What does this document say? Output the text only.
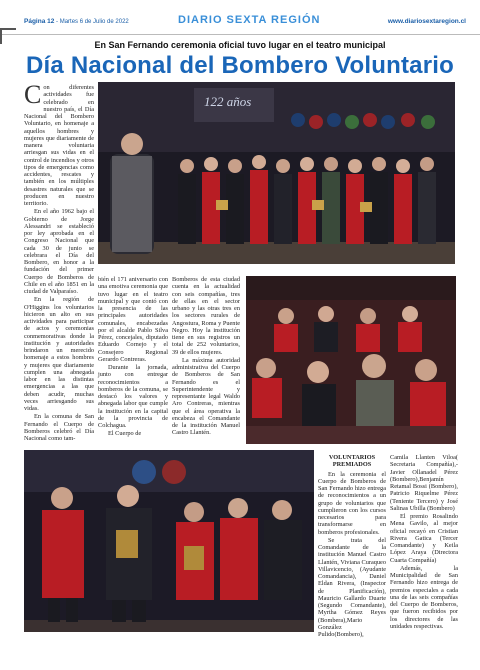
Página 12 - Martes 6 de Julio de 2022	DIARIO SEXTA REGIÓN	www.diariosextaregion.cl
En San Fernando ceremonia oficial tuvo lugar en el teatro municipal
Día Nacional del Bombero Voluntario
122 años

Con diferentes actividades fue celebrado en nuestro país, el Día Nacional del Bombero Voluntario, en homenaje a aquellos hombres y mujeres que diariamente de manera voluntaria arriesgan sus vidas en el control de incendios y otros tipos de emergencias como accidentes, rescates y también en los múltiples desastres naturales que se producen en nuestro territorio.

En el año 1962 bajo el Gobierno de Jorge Alessandri se estableció por ley aprobada en el Congreso Nacional que cada 30 de junio se celebrara el Día del Bombero, en honor a la fundación del primer Cuerpo de Bomberos de Chile en el año 1851 en la ciudad de Valparaíso.

En la región de O'Higgins los voluntarios hicieron un alto en sus actividades para participar de actos y ceremonias conmemorativas donde la institución y autoridades brindaron un merecido homenaje a estos hombres y mujeres que diariamente cumplen una abnegada labor en las distintas emergencias a las que deben acudir, muchas veces arriesgando sus vidas.

En la comuna de San Fernando el Cuerpo de Bomberos celebró el Día Nacional como tam-

bién el 171 aniversario con una emotiva ceremonia que tuvo lugar en el teatro municipal y que contó con la presencia de las principales autoridades comunales, encabezadas por el alcalde Pablo Silva Pérez, concejales, diputado Eduardo Cornejo y el Consejero Regional Gerardo Contreras.

Durante la jornada, junto con entregar reconocimientos a bomberos de la comuna, se destacó los valores y abnegada labor que cumple la institución en la capital de la provincia de Colchagua.

El Cuerpo de

Bomberos de esta ciudad cuenta en la actualidad con seis compañías, tres de ellas en el sector urbano y las otras tres en los sectores rurales de Angostura, Roma y Puente Negro. Hoy la institución tiene en sus registros un total de 252 voluntarios, 39 de ellos mujeres.

La máxima autoridad administrativa del Cuerpo de Bomberos de San Fernando es el Superintendente y representante legal Waldo Aro Contreras, mientras que el área operativa la encabeza el Comandante de la institución Manuel Castro Llantén.

VOLUNTARIOS PREMIADOS

En la ceremonia el Cuerpo de Bomberos de San Fernando hizo entrega de reconocimientos a un grupo de voluntarios que cumplieron con los cursos necesarios para transformarse en bomberos profesionales.

Se trata del Comandante de la institución Manuel Castro Llantén, Viviana Curaqueo Villavicencio, (Ayudante Comandancia), Daniel Eldan Rivera, (Inspector de Planificación), Mauricio Gallardo Duarte (Segundo Comandante), Myrtha Gómez Reyes (Bombera),Mario González Pulido(Bombero),

Camila Llanten Viloa( Secretaria Compañía),- Javier Ollanadel Pérez (Bombero),Benjamín Retamal Bossi (Bombero), Patricio Riquelme Pérez (Teniente Tercero) y José Salinas Ubilla (Bombero)

El premio Rosalindo Mena Gavilo, al mejor oficial recayó en Cristian Rivera Gatica (Tercer Comandante) y Keila López Araya (Directora Cuarta Compañía)

Además, la Municipalidad de San Fernando hizo entrega de premios especiales a cada una de las seis compañías del Cuerpo de Bomberos, que fueron recibidos por los directores de las unidades respectivas.
